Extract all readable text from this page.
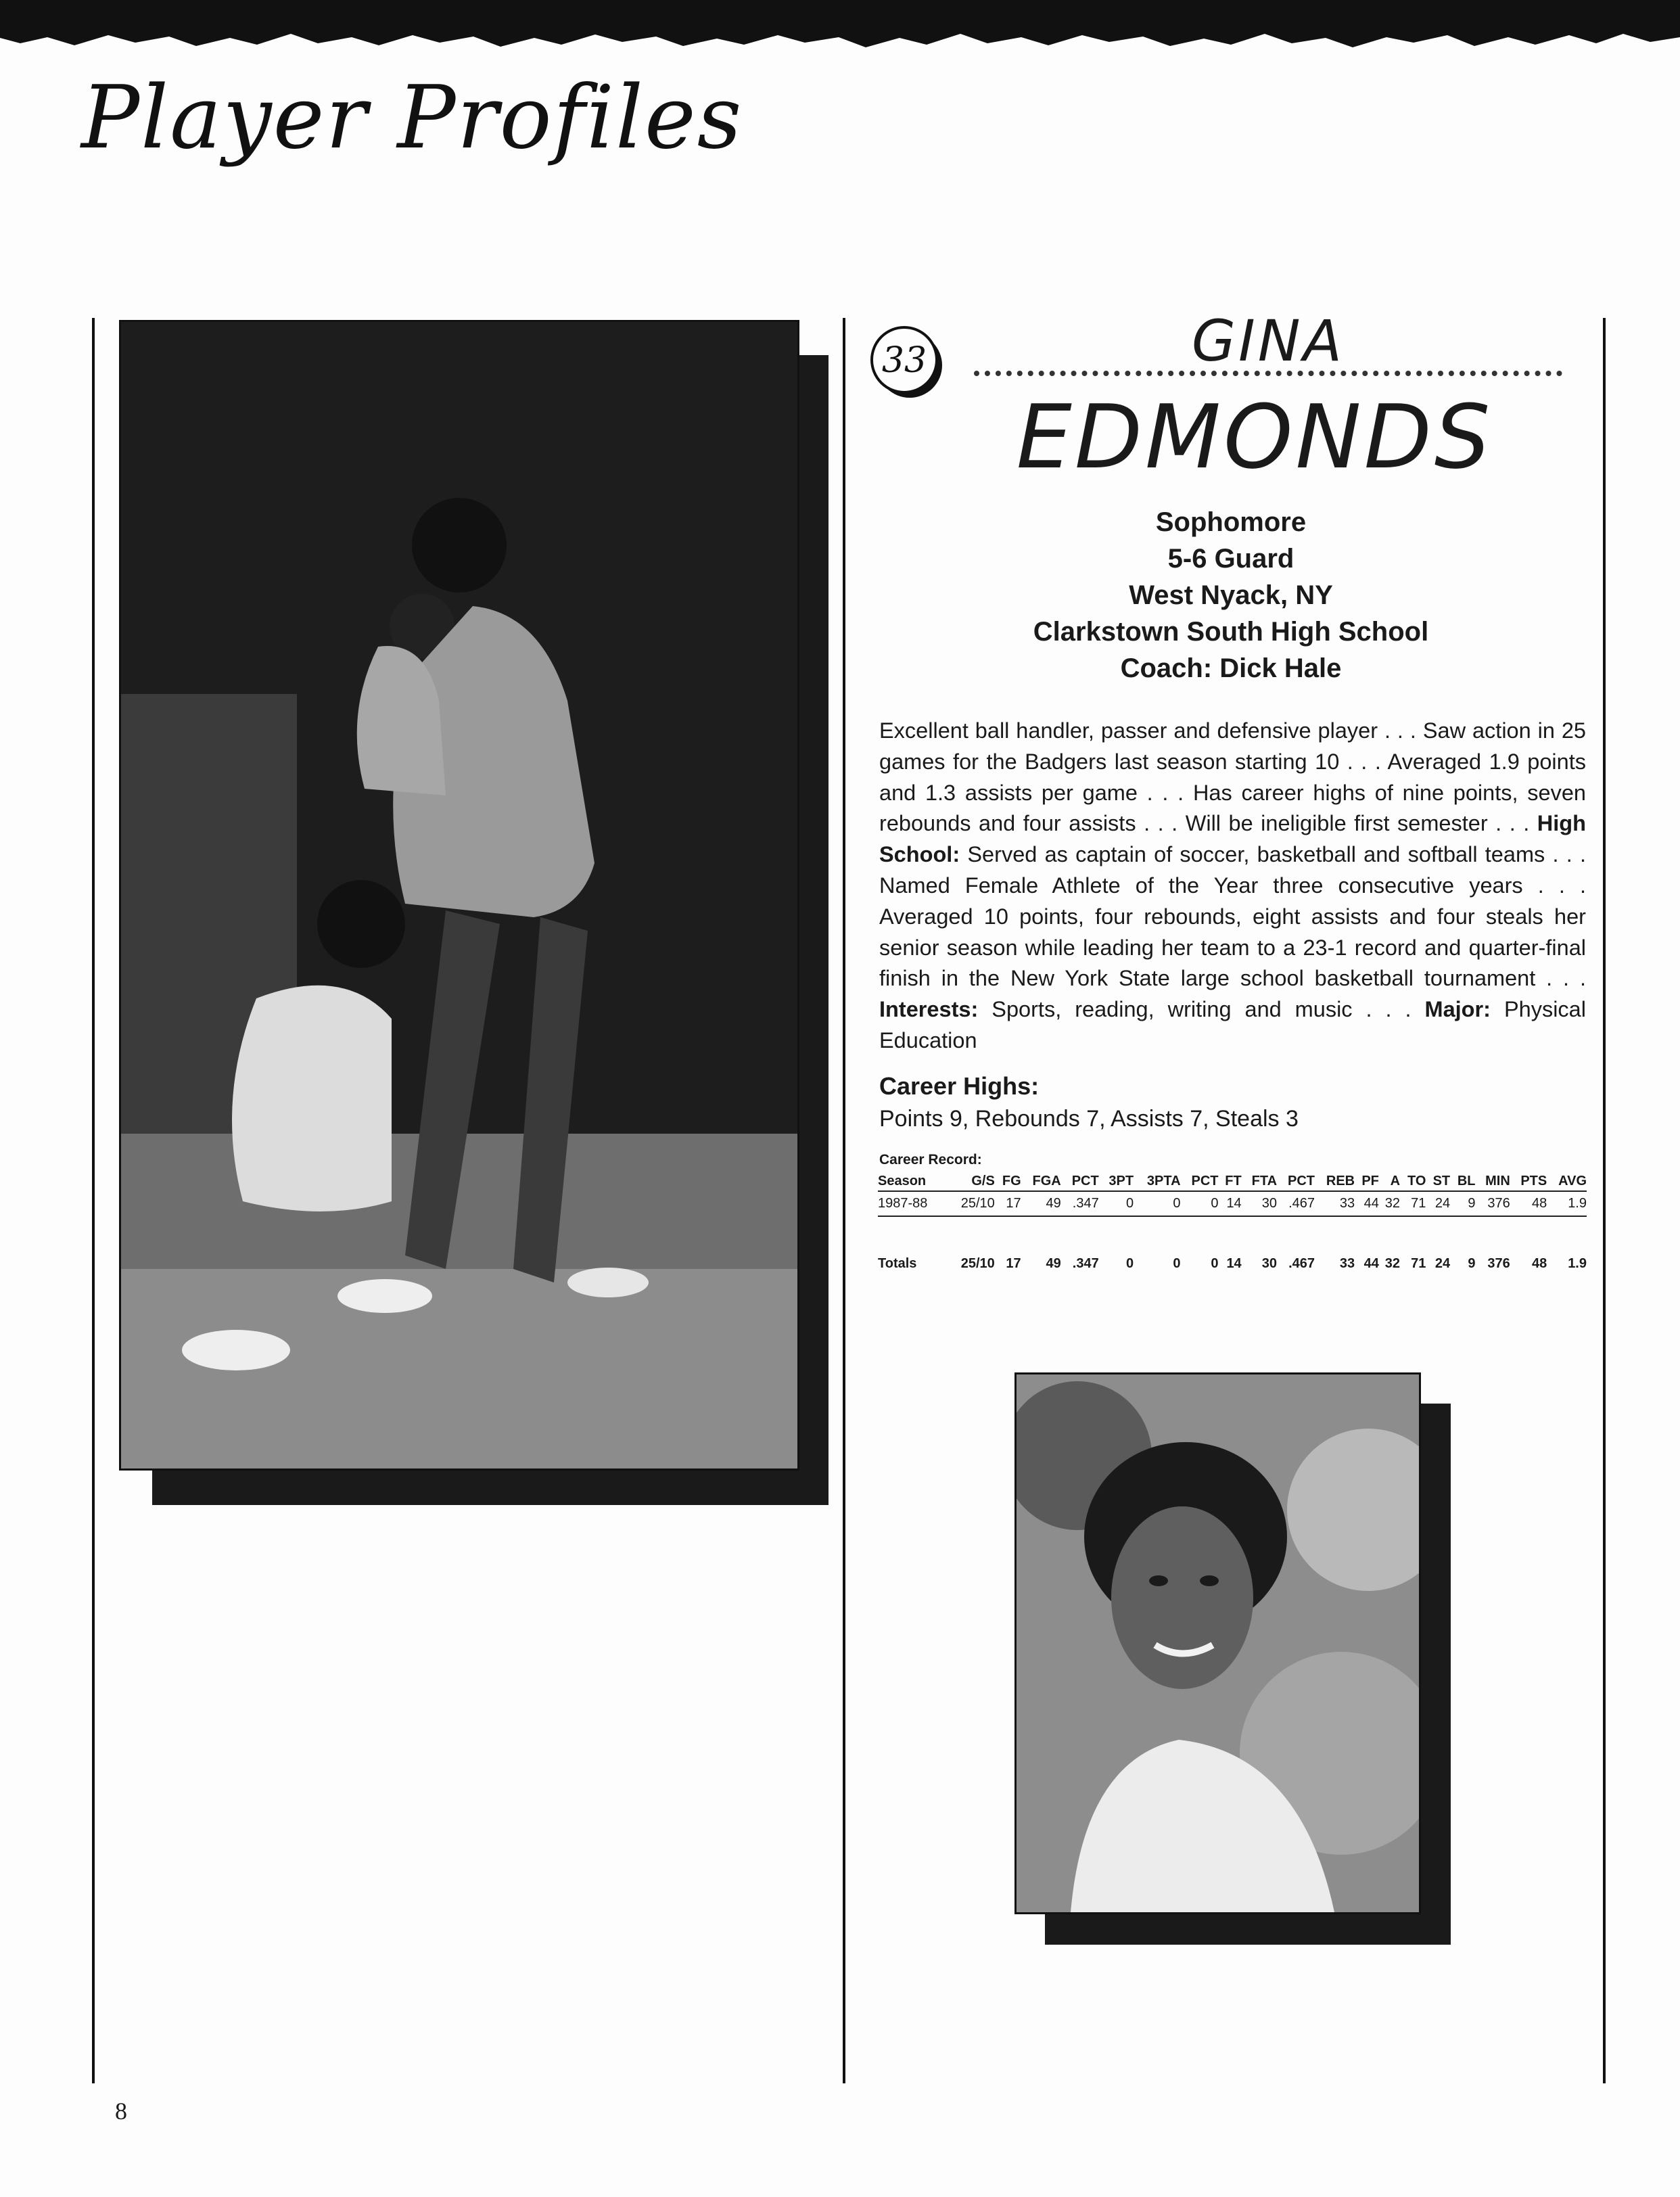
Player Profiles
33	GINA
EDMONDS
Sophomore
5-6 Guard
West Nyack, NY
Clarkstown South High School
Coach: Dick Hale
Excellent ball handler, passer and defensive player . . . Saw action in 25 games for the Badgers last season starting 10 . . . Averaged 1.9 points and 1.3 assists per game . . . Has career highs of nine points, seven rebounds and four assists . . . Will be ineligible first semester . . . High School: Served as captain of soccer, basketball and softball teams . . . Named Female Athlete of the Year three consecutive years . . . Averaged 10 points, four rebounds, eight assists and four steals her senior season while leading her team to a 23-1 record and quarter-final finish in the New York State large school basketball tournament . . . Interests: Sports, reading, writing and music . . . Major: Physical Education
Career Highs:
Points 9, Rebounds 7, Assists 7, Steals 3
Career Record:
Season	G/S	FG	FGA	PCT	3PT	3PTA	PCT	FT	FTA	PCT	REB	PF	A	TO	ST	BL	MIN	PTS	AVG
1987-88	25/10	17	49	.347	0	0	0	14	30	.467	33	44	32	71	24	9	376	48	1.9

Totals	25/10	17	49	.347	0	0	0	14	30	.467	33	44	32	71	24	9	376	48	1.9
8
